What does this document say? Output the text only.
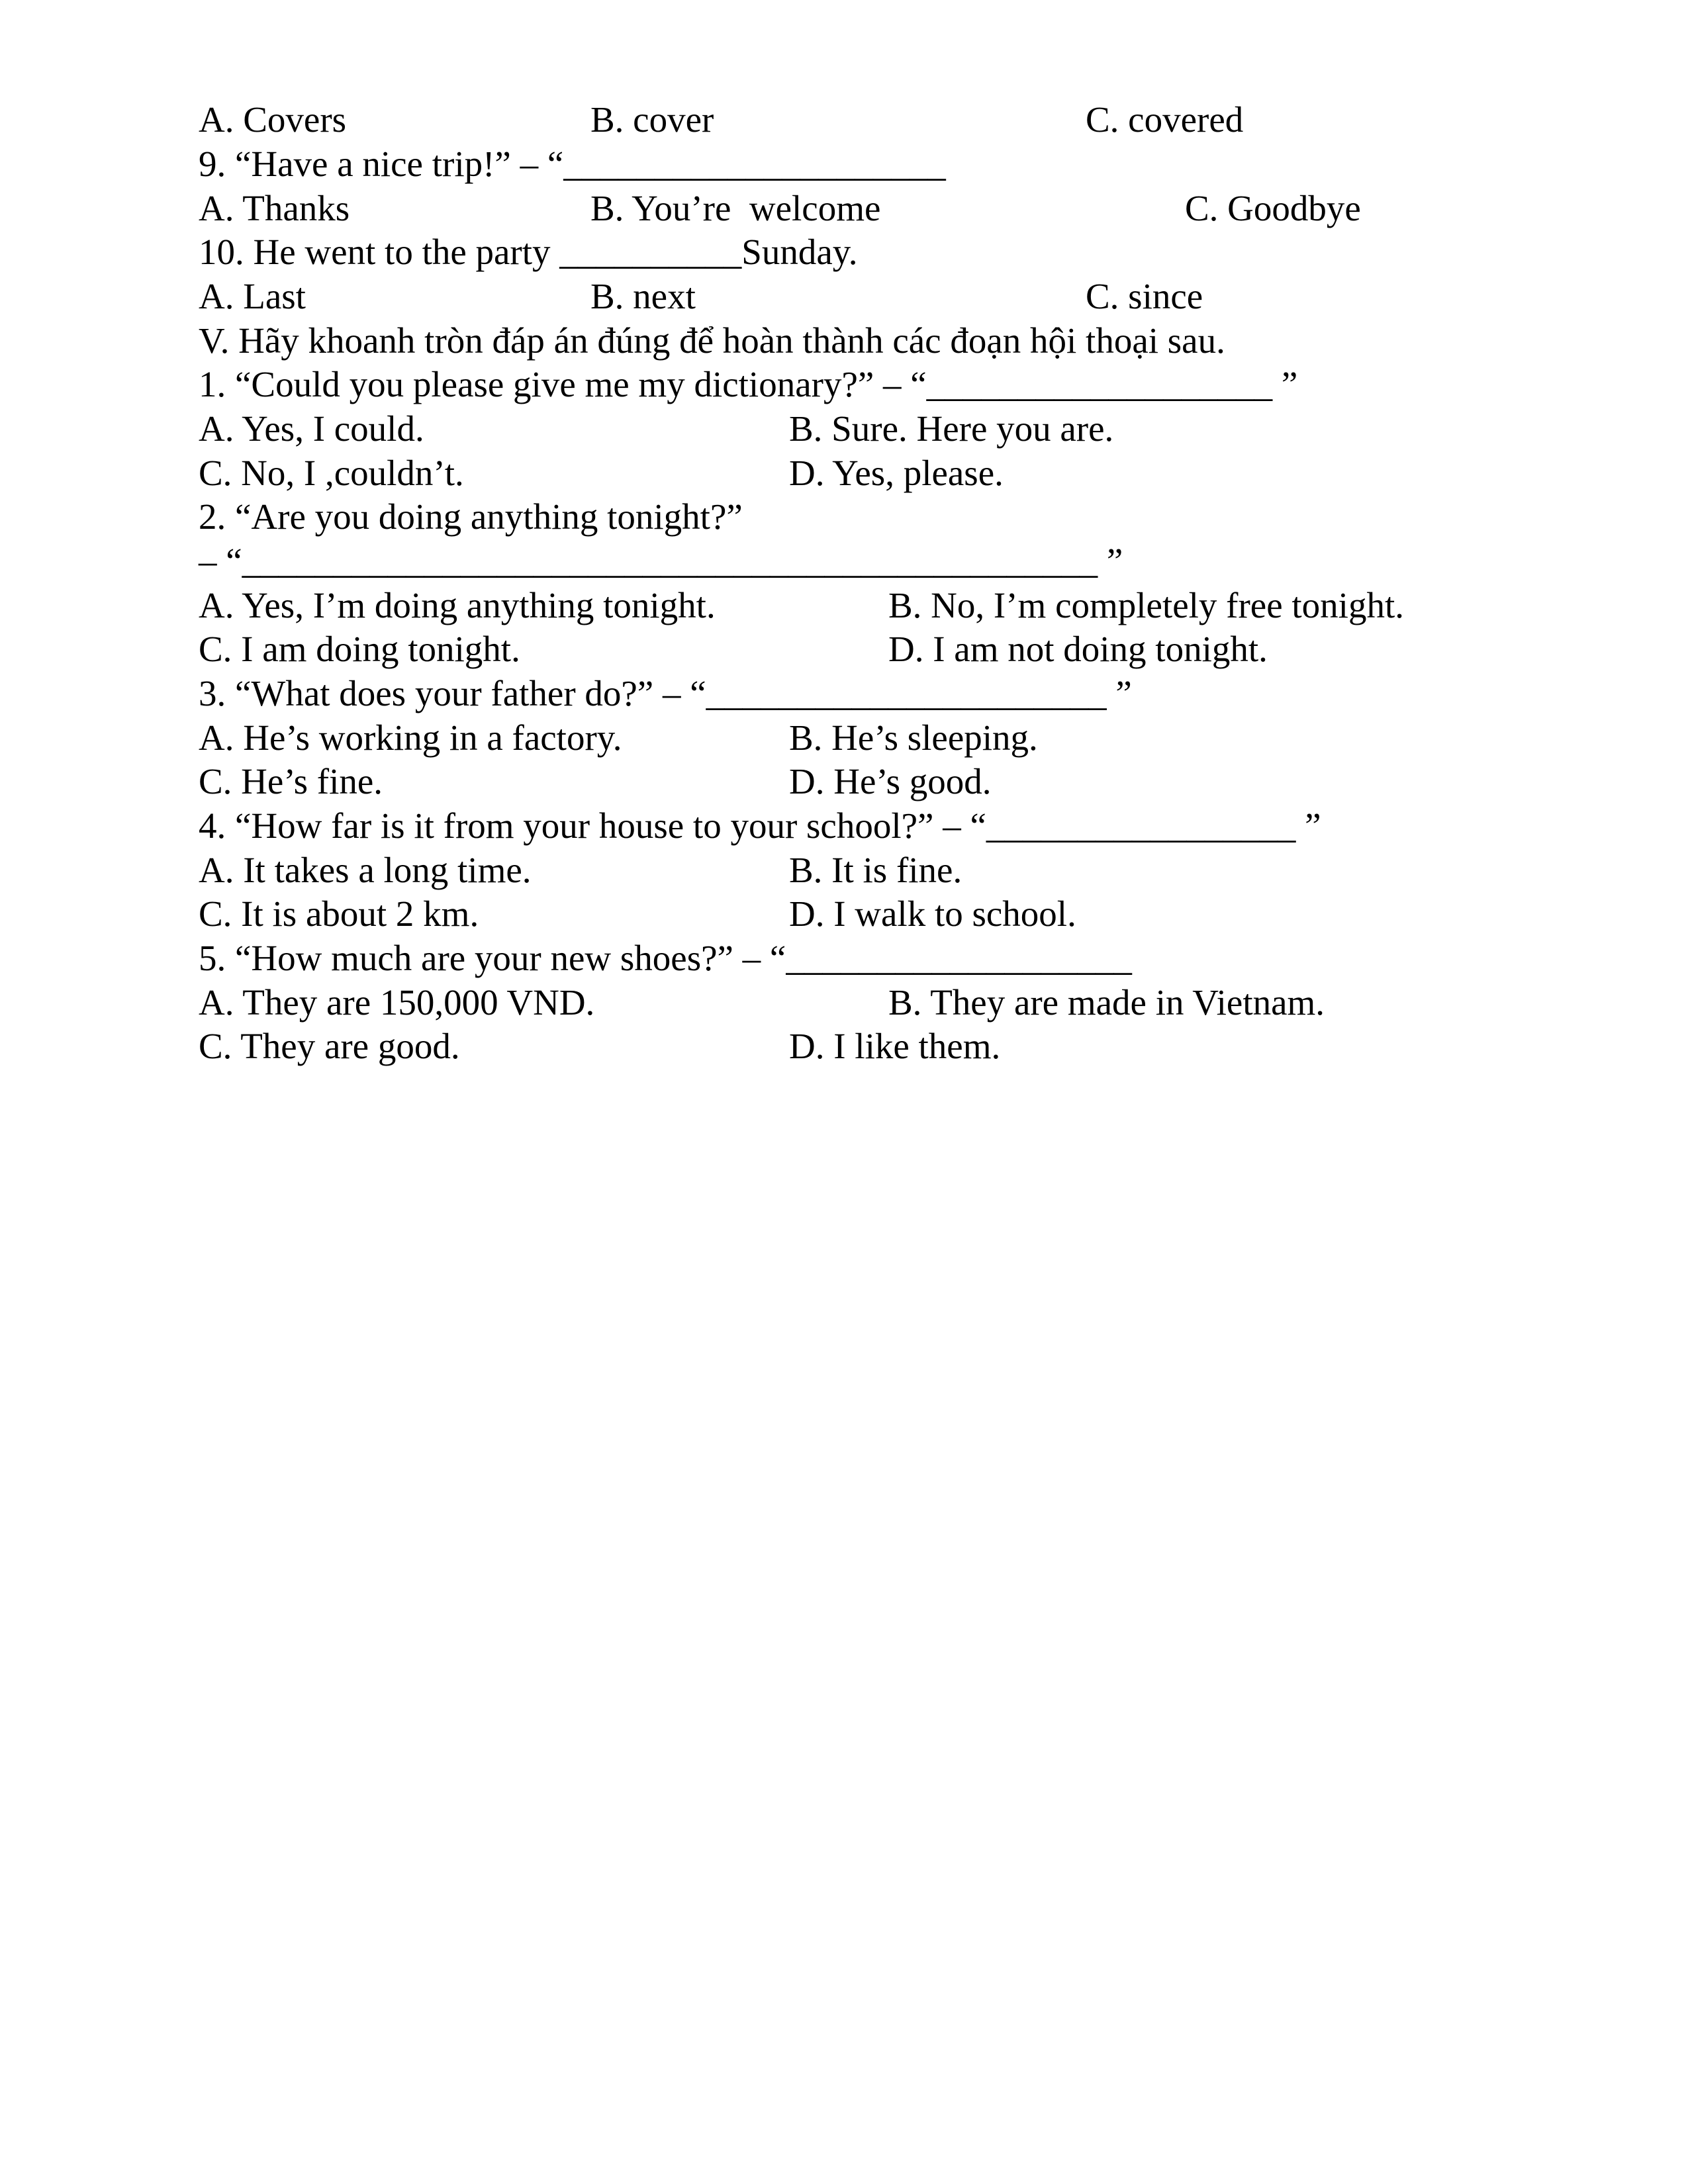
A. Covers	B. cover	C. covered
9. “Have a nice trip!” – “_____________________
A. Thanks	B. You’re  welcome	C. Goodbye
10. He went to the party __________Sunday.
A. Last	B. next	C. since
V. Hãy khoanh tròn đáp án đúng để hoàn thành các đoạn hội thoại sau.
1. “Could you please give me my dictionary?” – “___________________ ”
A. Yes, I could.	B. Sure. Here you are.
C. No, I ,couldn’t.	D. Yes, please.
2. “Are you doing anything tonight?”
– “_______________________________________________ ”
A. Yes, I’m doing anything tonight.	B. No, I’m completely free tonight.
C. I am doing tonight.	D. I am not doing tonight.
3. “What does your father do?” – “______________________ ”
A. He’s working in a factory.	B. He’s sleeping.
C. He’s fine.	D. He’s good.
4. “How far is it from your house to your school?” – “_________________ ”
A. It takes a long time.	B. It is fine.
C. It is about 2 km.	D. I walk to school.
5. “How much are your new shoes?” – “___________________
A. They are 150,000 VND.	B. They are made in Vietnam.
C. They are good.	D. I like them.
